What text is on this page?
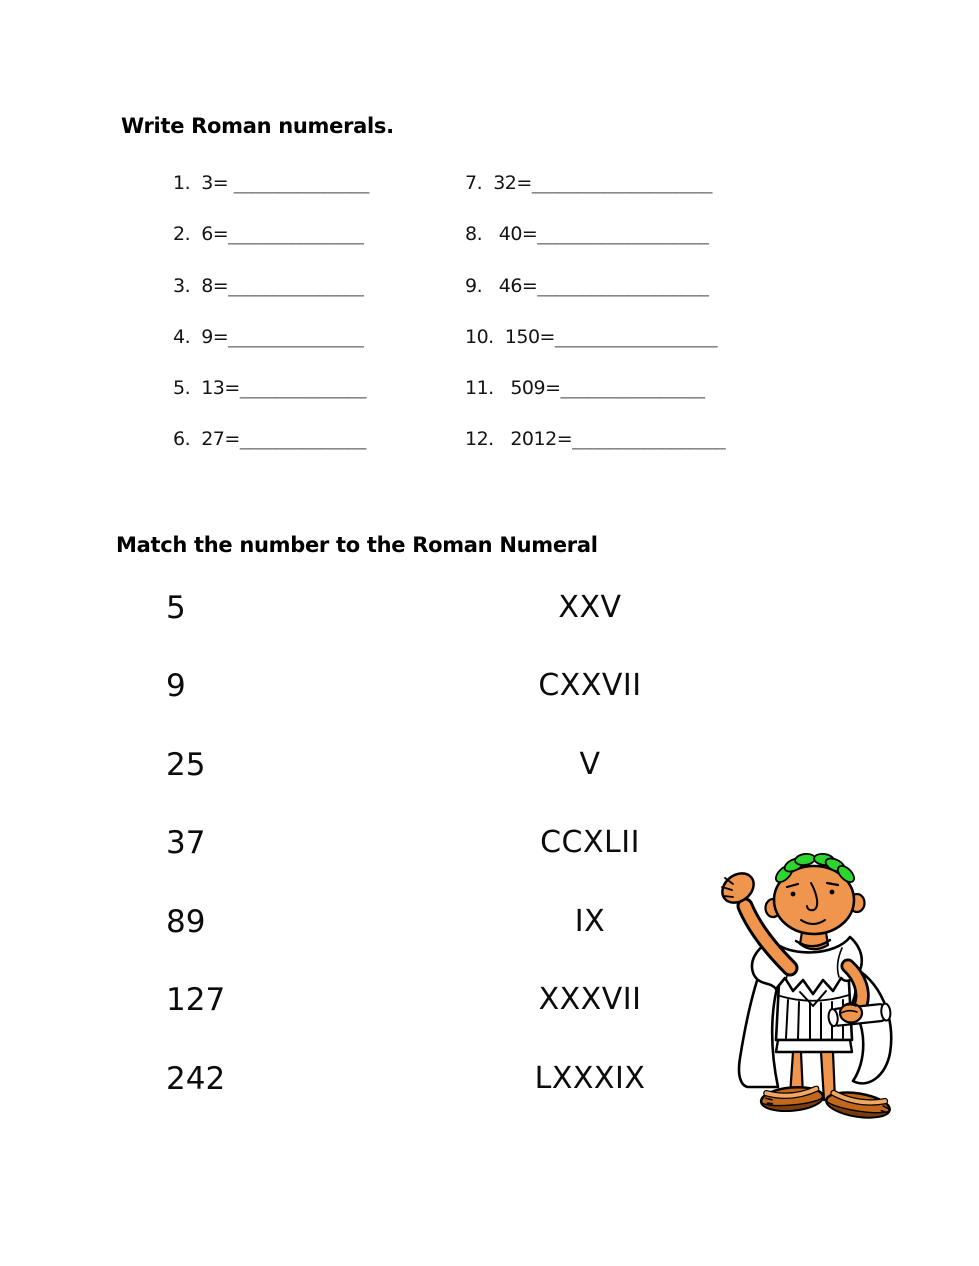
Write Roman numerals.
1.  3= _______________
2.  6=_______________
3.  8=_______________
4.  9=_______________
5.  13=______________
6.  27=______________
7.  32=____________________
8.   40=___________________
9.   46=___________________
10.  150=__________________
11.   509=________________
12.   2012=_________________
Match the number to the Roman Numeral
5
9
25
37
89
127
242
XXV
CXXVII
V
CCXLII
IX
XXXVII
LXXXIX
